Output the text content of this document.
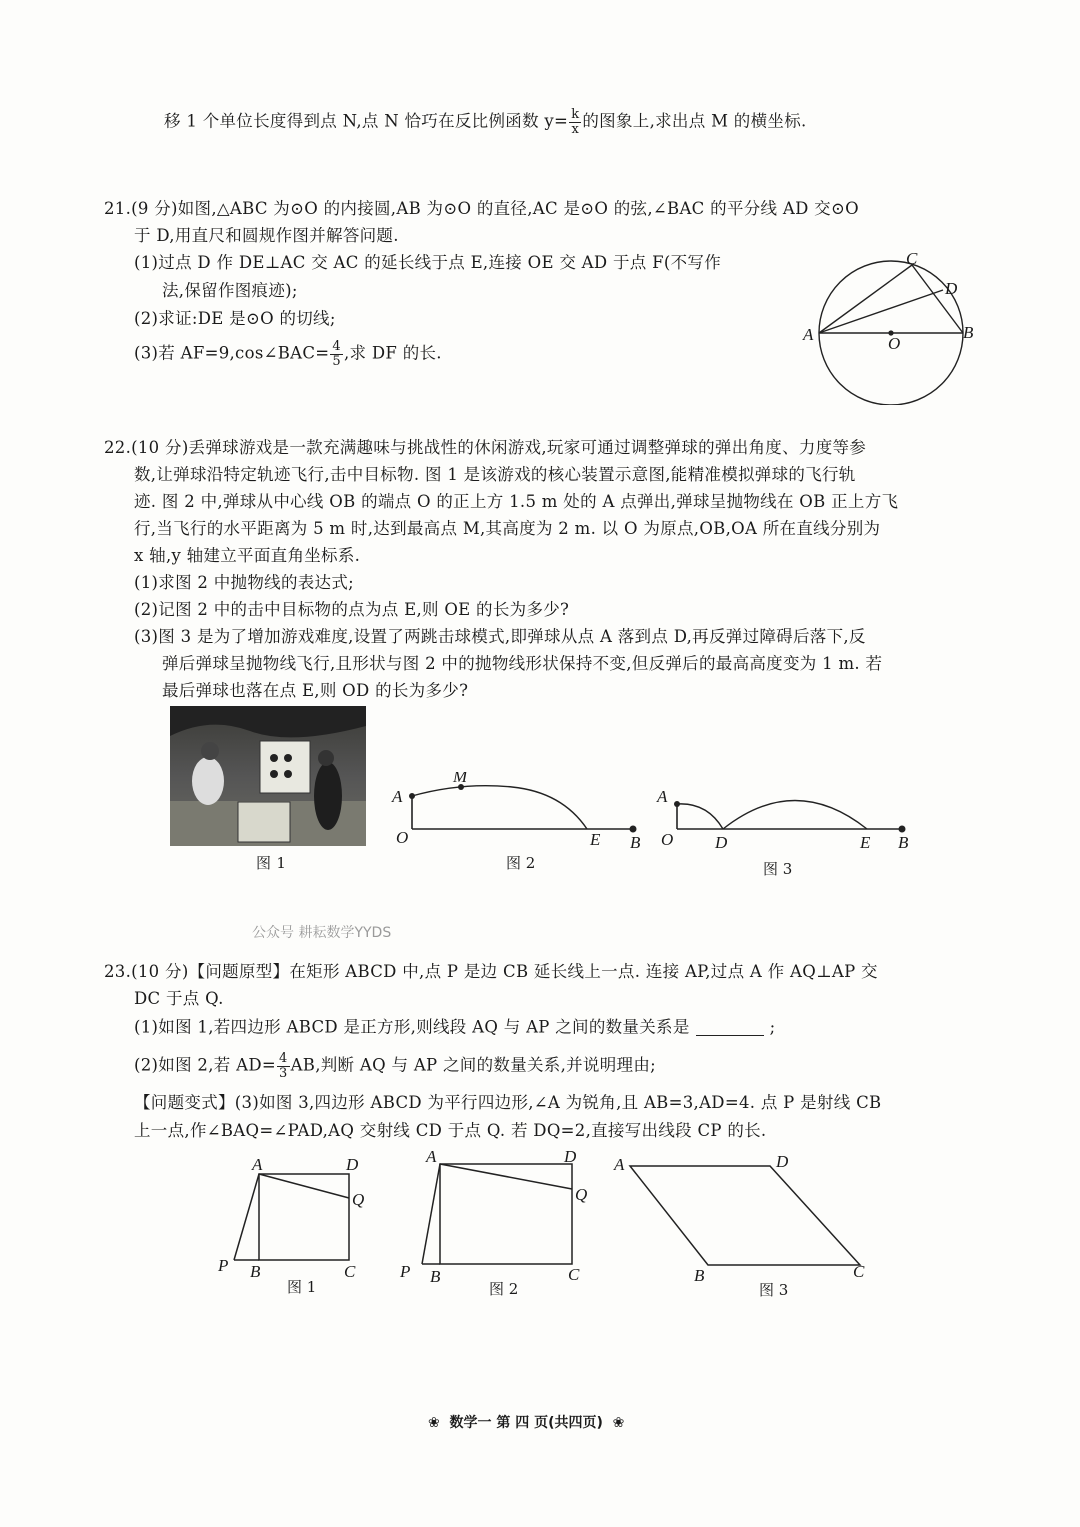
移 1 个单位长度得到点 N,点 N 恰巧在反比例函数 $y= \frac{k}{x}$ 的图象上,求出点 M 的横坐标.
21.(9 分)如图,△ABC 为⊙O 的内接圆,AB 为⊙O 的直径,AC 是⊙O 的弦,∠BAC 的平分线 AD 交⊙O
于 D,用直尺和圆规作图并解答问题.
(1)过点 D 作 DE⊥AC 交 AC 的延长线于点 E,连接 OE 交 AD 于点 F(不写作
法,保留作图痕迹);
(2)求证:DE 是⊙O 的切线;
(3)若 AF=9,cos∠BAC= $\frac{4}{5}$ ,求 DF 的长.
A	B
C
D
O
22.(10 分)丢弹球游戏是一款充满趣味与挑战性的休闲游戏,玩家可通过调整弹球的弹出角度、力度等参
数,让弹球沿特定轨迹飞行,击中目标物. 图 1 是该游戏的核心装置示意图,能精准模拟弹球的飞行轨
迹. 图 2 中,弹球从中心线 OB 的端点 O 的正上方 1.5 m 处的 A 点弹出,弹球呈抛物线在 OB 正上方飞
行,当飞行的水平距离为 5 m 时,达到最高点 M,其高度为 2 m. 以 O 为原点,OB,OA 所在直线分别为
x 轴,y 轴建立平面直角坐标系.
(1)求图 2 中抛物线的表达式;
(2)记图 2 中的击中目标物的点为点 E,则 OE 的长为多少?
(3)图 3 是为了增加游戏难度,设置了两跳击球模式,即弹球从点 A 落到点 D,再反弹过障碍后落下,反
弹后弹球呈抛物线飞行,且形状与图 2 中的抛物线形状保持不变,但反弹后的最高高度变为 1 m. 若
最后弹球也落在点 E,则 OD 的长为多少?
图 1
A
M
O	E B
图 2
A
O D	E B
图 3
公众号 耕耘数学YYDS
23.(10 分)【问题原型】在矩形 ABCD 中,点 P 是边 CB 延长线上一点. 连接 AP,过点 A 作 AQ⊥AP 交
DC 于点 Q.
(1)如图 1,若四边形 ABCD 是正方形,则线段 AQ 与 AP 之间的数量关系是	;
(2)如图 2,若 $AD= \frac{4}{3}$ AB,判断 AQ 与 AP 之间的数量关系,并说明理由;
【问题变式】(3)如图 3,四边形 ABCD 为平行四边形,∠A 为锐角,且 AB=3,AD=4. 点 P 是射线 CB
上一点,作∠BAQ=∠PAD,AQ 交射线 CD 于点 Q. 若 DQ=2,直接写出线段 CP 的长.
A	D
Q
P B	C
图 1
A	D
Q
P B	C
图 2
A	D
B	C
图 3
❀ 数学一 第 四 页(共四页) ❀
